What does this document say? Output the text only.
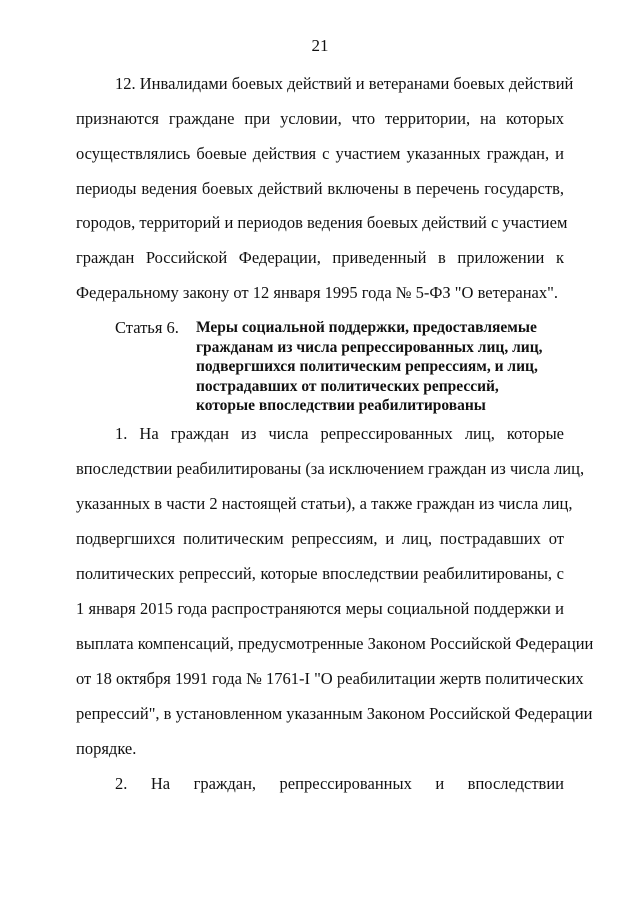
21
12. Инвалидами боевых действий и ветеранами боевых действий
признаются граждане при условии, что территории, на которых
осуществлялись боевые действия с участием указанных граждан, и
периоды ведения боевых действий включены в перечень государств,
городов, территорий и периодов ведения боевых действий с участием
граждан Российской Федерации, приведенный в приложении к
Федеральному закону от 12 января 1995 года № 5-ФЗ "О ветеранах".
Статья 6. Меры социальной поддержки, предоставляемые
гражданам из числа репрессированных лиц, лиц,
подвергшихся политическим репрессиям, и лиц,
пострадавших от политических репрессий,
которые впоследствии реабилитированы
1. На граждан из числа репрессированных лиц, которые
впоследствии реабилитированы (за исключением граждан из числа лиц,
указанных в части 2 настоящей статьи), а также граждан из числа лиц,
подвергшихся политическим репрессиям, и лиц, пострадавших от
политических репрессий, которые впоследствии реабилитированы, с
1 января 2015 года распространяются меры социальной поддержки и
выплата компенсаций, предусмотренные Законом Российской Федерации
от 18 октября 1991 года № 1761-I "О реабилитации жертв политических
репрессий", в установленном указанным Законом Российской Федерации
порядке.
2. На граждан, репрессированных и впоследствии
